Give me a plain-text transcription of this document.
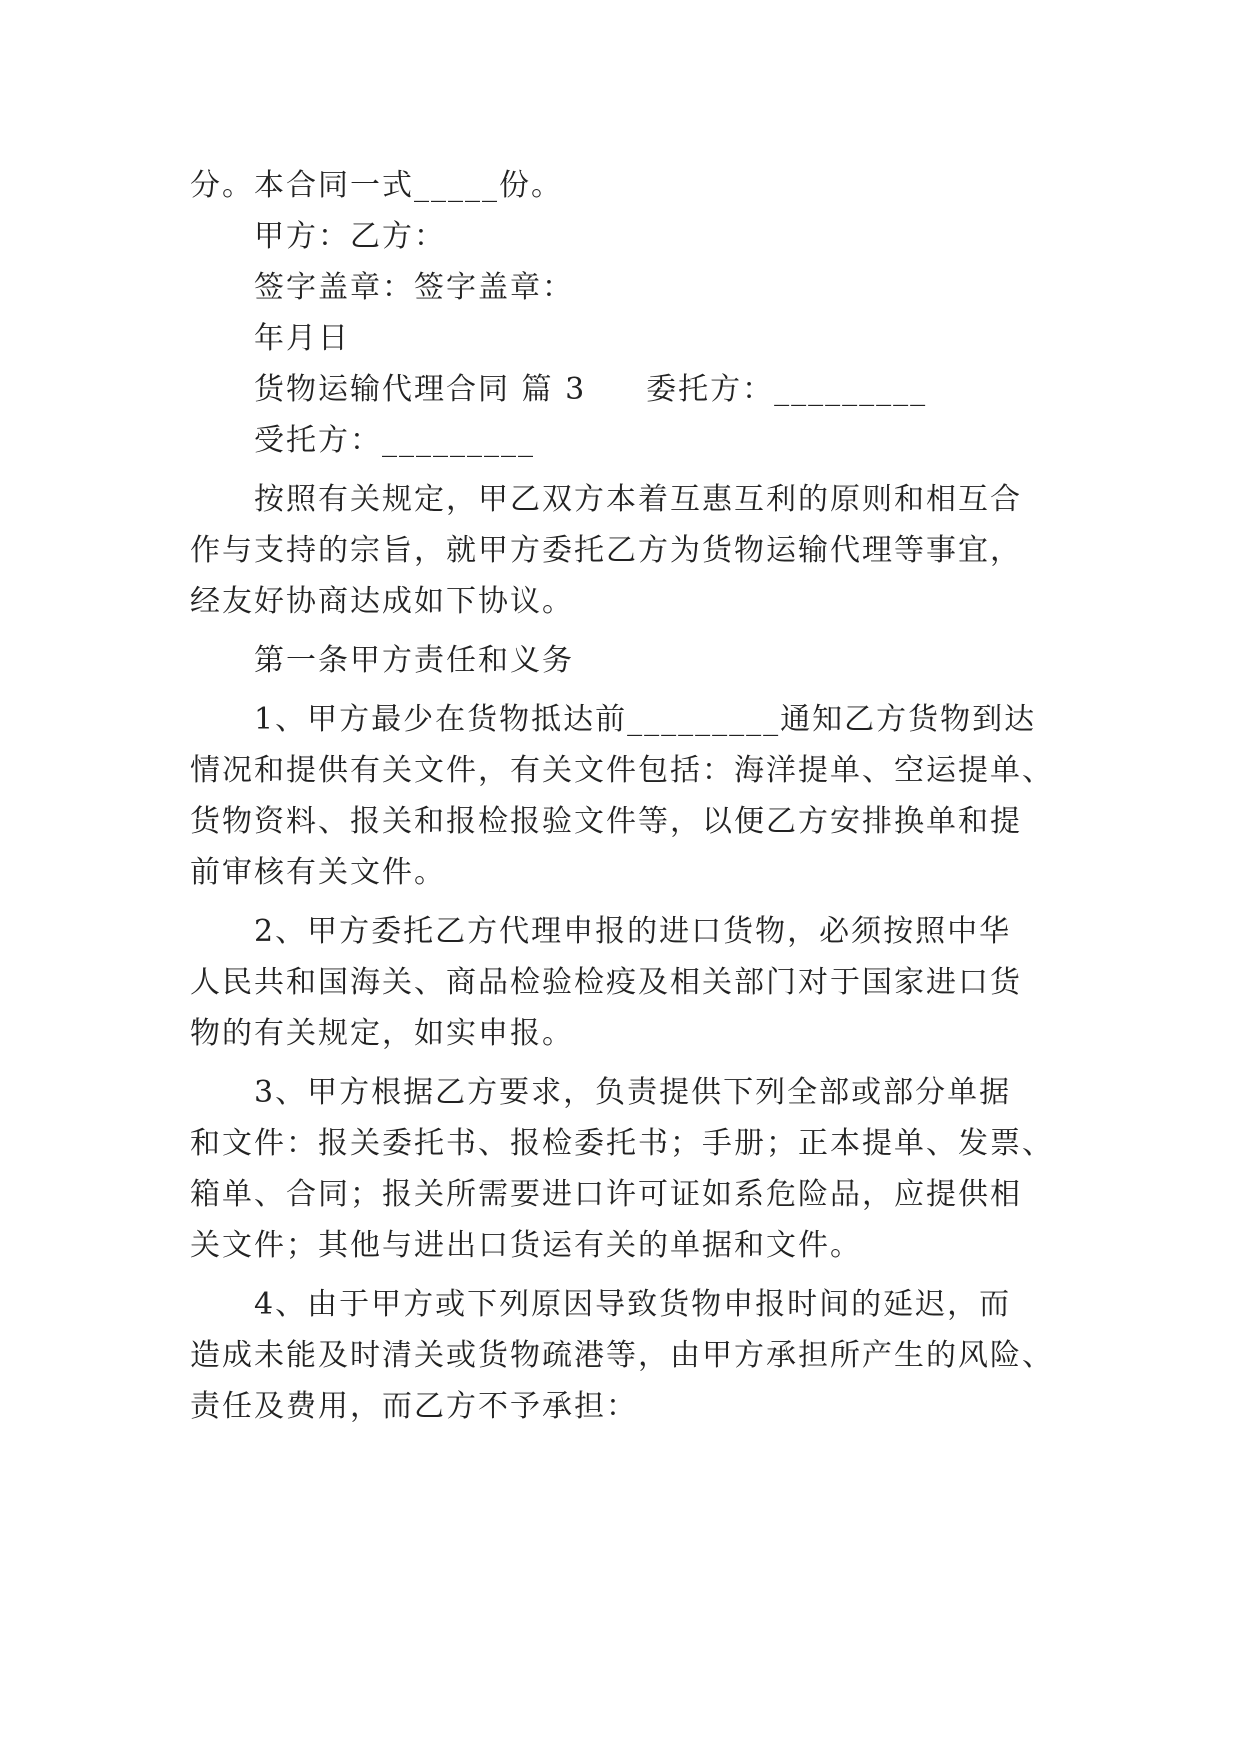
分。本合同一式_____份。

甲方：乙方：

签字盖章：签字盖章：

年月日

货物运输代理合同 篇 3 委托方：_________

受托方：_________

按照有关规定，甲乙双方本着互惠互利的原则和相互合

作与支持的宗旨，就甲方委托乙方为货物运输代理等事宜，

经友好协商达成如下协议。

第一条甲方责任和义务

1、甲方最少在货物抵达前_________通知乙方货物到达

情况和提供有关文件，有关文件包括：海洋提单、空运提单、

货物资料、报关和报检报验文件等，以便乙方安排换单和提

前审核有关文件。

2、甲方委托乙方代理申报的进口货物，必须按照中华

人民共和国海关、商品检验检疫及相关部门对于国家进口货

物的有关规定，如实申报。

3、甲方根据乙方要求，负责提供下列全部或部分单据

和文件：报关委托书、报检委托书；手册；正本提单、发票、

箱单、合同；报关所需要进口许可证如系危险品，应提供相

关文件；其他与进出口货运有关的单据和文件。

4、由于甲方或下列原因导致货物申报时间的延迟，而

造成未能及时清关或货物疏港等，由甲方承担所产生的风险、

责任及费用，而乙方不予承担：
